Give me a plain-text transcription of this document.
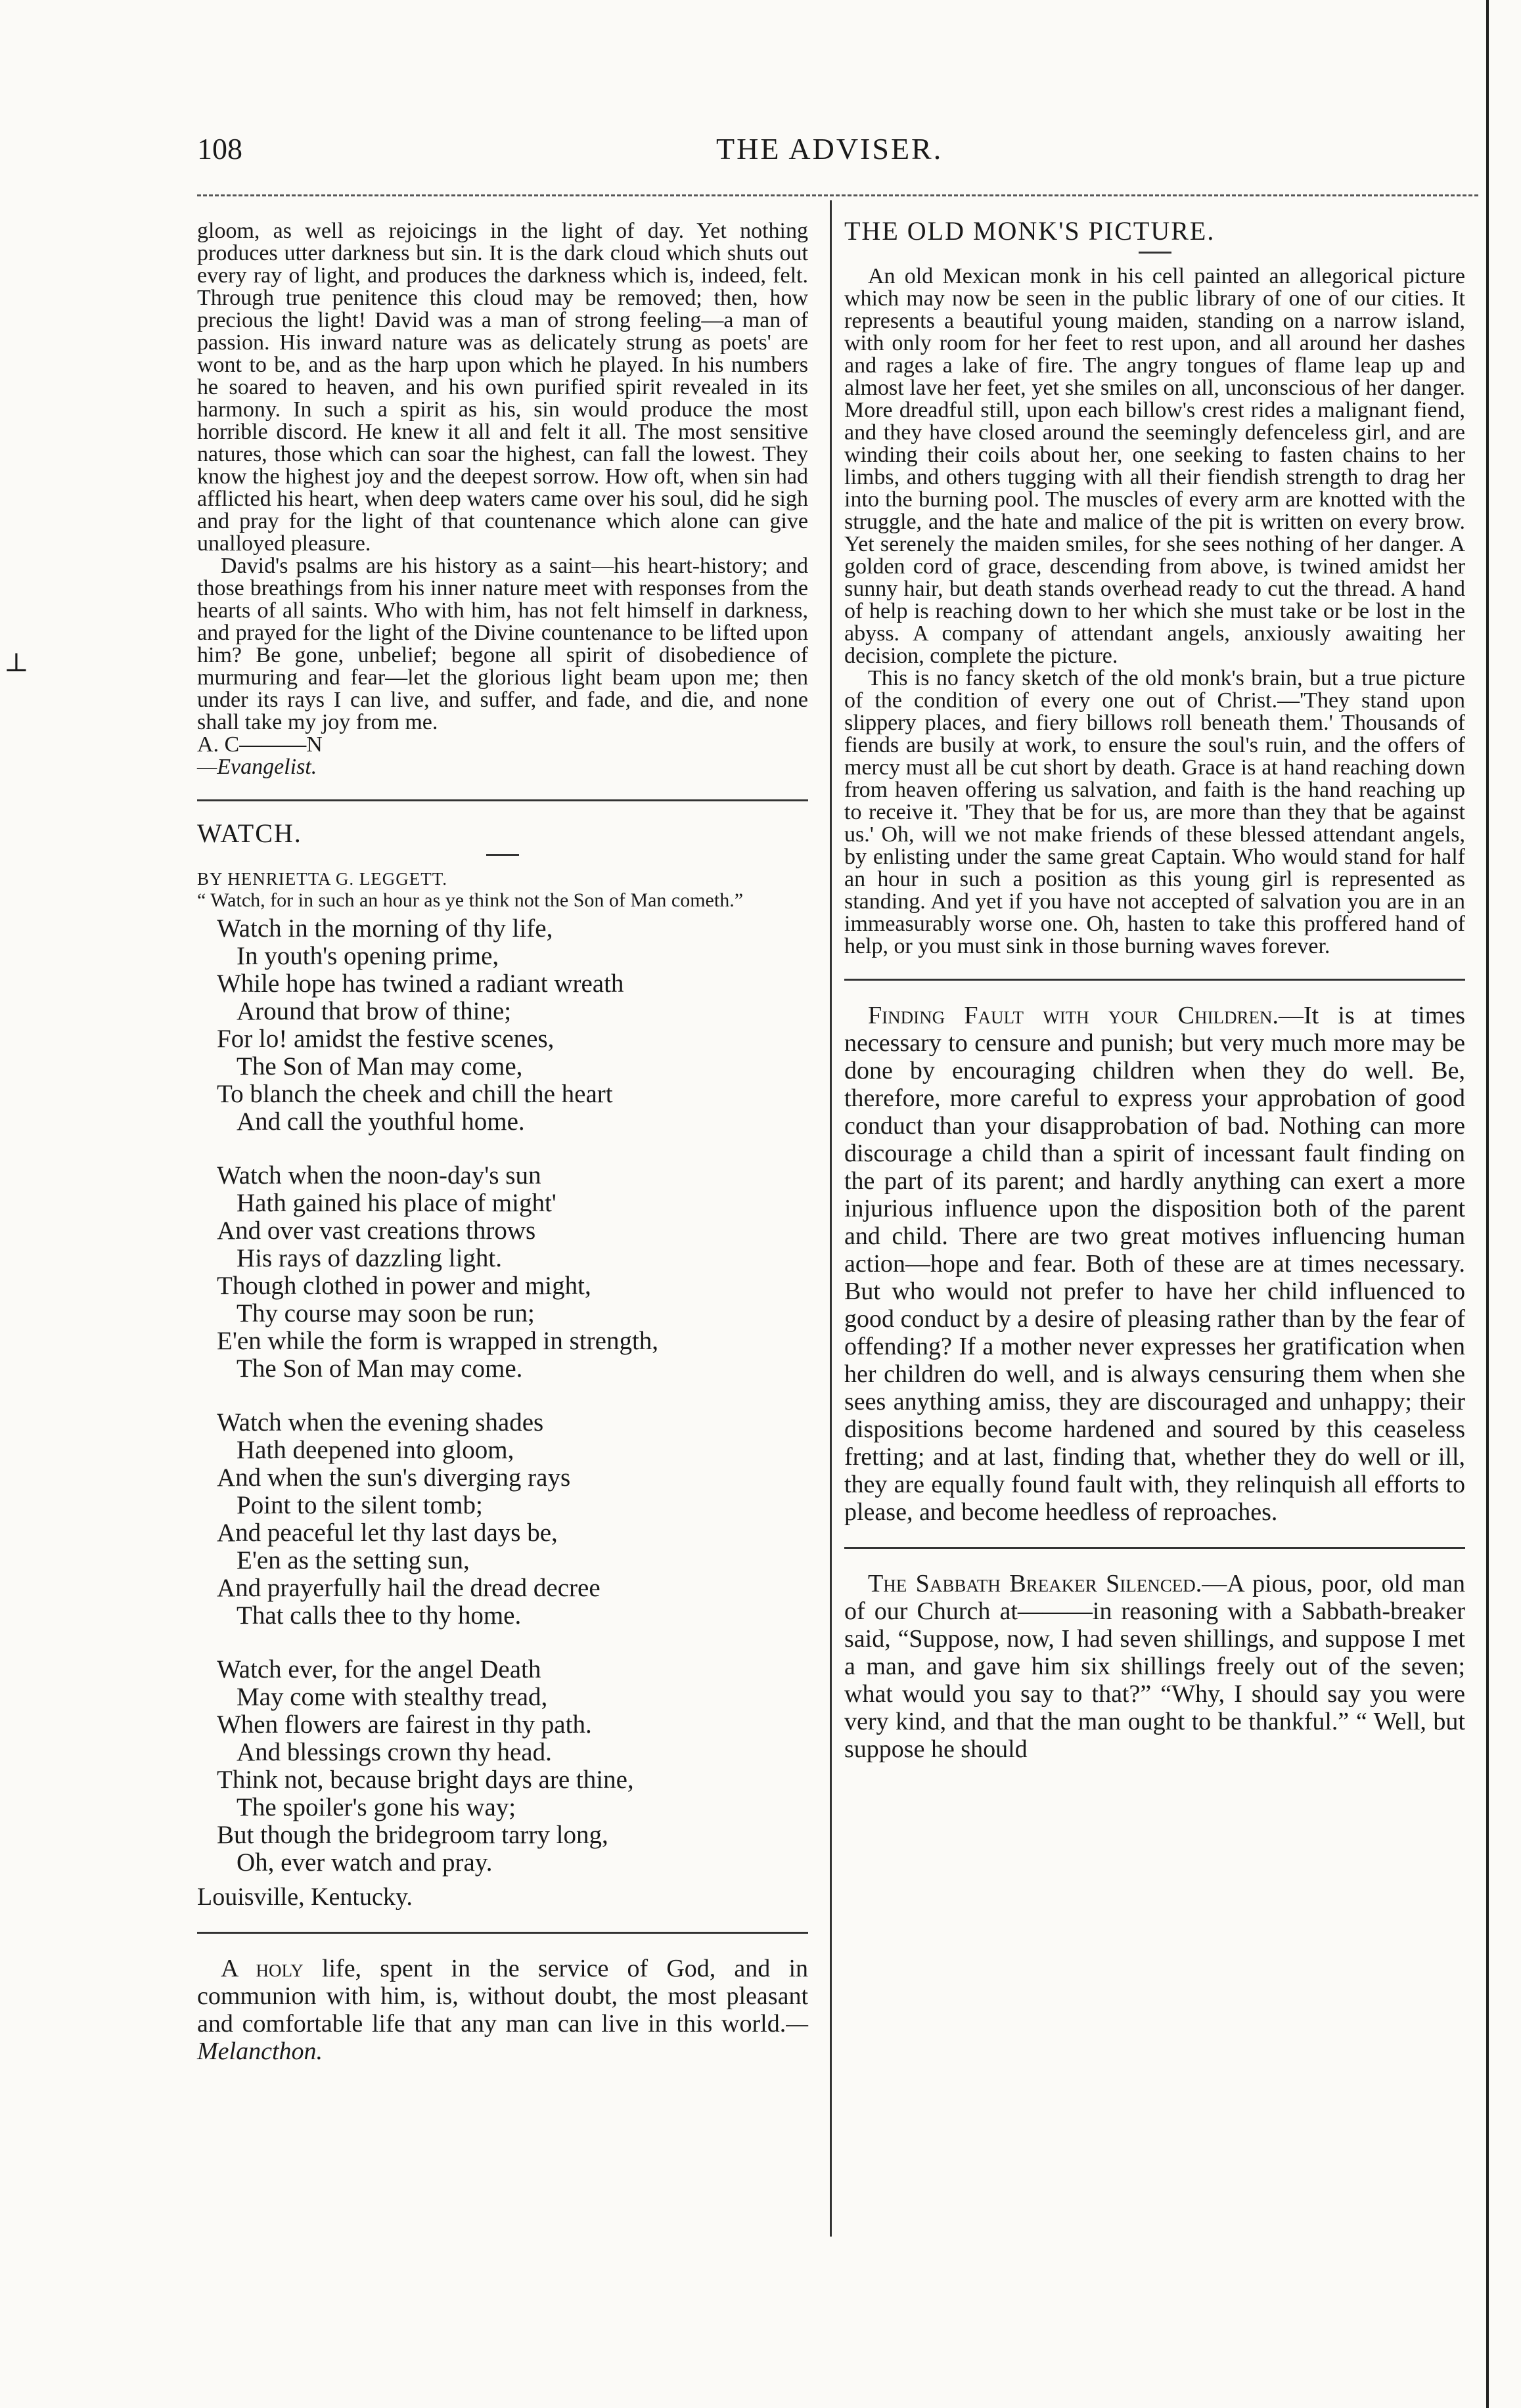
108	THE ADVISER.
⊥

gloom, as well as rejoicings in the light of day. Yet nothing produces utter darkness but sin. It is the dark cloud which shuts out every ray of light, and produces the darkness which is, indeed, felt. Through true penitence this cloud may be removed; then, how precious the light! David was a man of strong feeling—a man of passion. His inward nature was as delicately strung as poets' are wont to be, and as the harp upon which he played. In his numbers he soared to heaven, and his own purified spirit revealed in its harmony. In such a spirit as his, sin would produce the most horrible discord. He knew it all and felt it all. The most sensitive natures, those which can soar the highest, can fall the lowest. They know the highest joy and the deepest sorrow. How oft, when sin had afflicted his heart, when deep waters came over his soul, did he sigh and pray for the light of that countenance which alone can give unalloyed pleasure.

David's psalms are his history as a saint—his heart-history; and those breathings from his inner nature meet with responses from the hearts of all saints. Who with him, has not felt himself in darkness, and prayed for the light of the Divine countenance to be lifted upon him? Be gone, unbelief; begone all spirit of disobedience of murmuring and fear—let the glorious light beam upon me; then under its rays I can live, and suffer, and fade, and die, and none shall take my joy from me.

A. C———N

—Evangelist.

WATCH.

BY HENRIETTA G. LEGGETT.

“ Watch, for in such an hour as ye think not the Son of Man cometh.”

Watch in the morning of thy life,
In youth's opening prime,
While hope has twined a radiant wreath
Around that brow of thine;
For lo! amidst the festive scenes,
The Son of Man may come,
To blanch the cheek and chill the heart
And call the youthful home.
Watch when the noon-day's sun
Hath gained his place of might'
And over vast creations throws
His rays of dazzling light.
Though clothed in power and might,
Thy course may soon be run;
E'en while the form is wrapped in strength,
The Son of Man may come.
Watch when the evening shades
Hath deepened into gloom,
And when the sun's diverging rays
Point to the silent tomb;
And peaceful let thy last days be,
E'en as the setting sun,
And prayerfully hail the dread decree
That calls thee to thy home.
Watch ever, for the angel Death
May come with stealthy tread,
When flowers are fairest in thy path.
And blessings crown thy head.
Think not, because bright days are thine,
The spoiler's gone his way;
But though the bridegroom tarry long,
Oh, ever watch and pray.

Louisville, Kentucky.

A holy life, spent in the service of God, and in communion with him, is, without doubt, the most pleasant and comfortable life that any man can live in this world.—Melancthon.

THE OLD MONK'S PICTURE.

An old Mexican monk in his cell painted an allegorical picture which may now be seen in the public library of one of our cities. It represents a beautiful young maiden, standing on a narrow island, with only room for her feet to rest upon, and all around her dashes and rages a lake of fire. The angry tongues of flame leap up and almost lave her feet, yet she smiles on all, unconscious of her danger. More dreadful still, upon each billow's crest rides a malignant fiend, and they have closed around the seemingly defenceless girl, and are winding their coils about her, one seeking to fasten chains to her limbs, and others tugging with all their fiendish strength to drag her into the burning pool. The muscles of every arm are knotted with the struggle, and the hate and malice of the pit is written on every brow. Yet serenely the maiden smiles, for she sees nothing of her danger. A golden cord of grace, descending from above, is twined amidst her sunny hair, but death stands overhead ready to cut the thread. A hand of help is reaching down to her which she must take or be lost in the abyss. A company of attendant angels, anxiously awaiting her decision, complete the picture.

This is no fancy sketch of the old monk's brain, but a true picture of the condition of every one out of Christ.—'They stand upon slippery places, and fiery billows roll beneath them.' Thousands of fiends are busily at work, to ensure the soul's ruin, and the offers of mercy must all be cut short by death. Grace is at hand reaching down from heaven offering us salvation, and faith is the hand reaching up to receive it. 'They that be for us, are more than they that be against us.' Oh, will we not make friends of these blessed attendant angels, by enlisting under the same great Captain. Who would stand for half an hour in such a position as this young girl is represented as standing. And yet if you have not accepted of salvation you are in an immeasurably worse one. Oh, hasten to take this proffered hand of help, or you must sink in those burning waves forever.

Finding Fault with your Children.—It is at times necessary to censure and punish; but very much more may be done by encouraging children when they do well. Be, therefore, more careful to express your approbation of good conduct than your disapprobation of bad. Nothing can more discourage a child than a spirit of incessant fault finding on the part of its parent; and hardly anything can exert a more injurious influence upon the disposition both of the parent and child. There are two great motives influencing human action—hope and fear. Both of these are at times necessary. But who would not prefer to have her child influenced to good conduct by a desire of pleasing rather than by the fear of offending? If a mother never expresses her gratification when her children do well, and is always censuring them when she sees anything amiss, they are discouraged and unhappy; their dispositions become hardened and soured by this ceaseless fretting; and at last, finding that, whether they do well or ill, they are equally found fault with, they relinquish all efforts to please, and become heedless of reproaches.

The Sabbath Breaker Silenced.—A pious, poor, old man of our Church at———in reasoning with a Sabbath-breaker said, “Suppose, now, I had seven shillings, and suppose I met a man, and gave him six shillings freely out of the seven; what would you say to that?” “Why, I should say you were very kind, and that the man ought to be thankful.” “ Well, but suppose he should
